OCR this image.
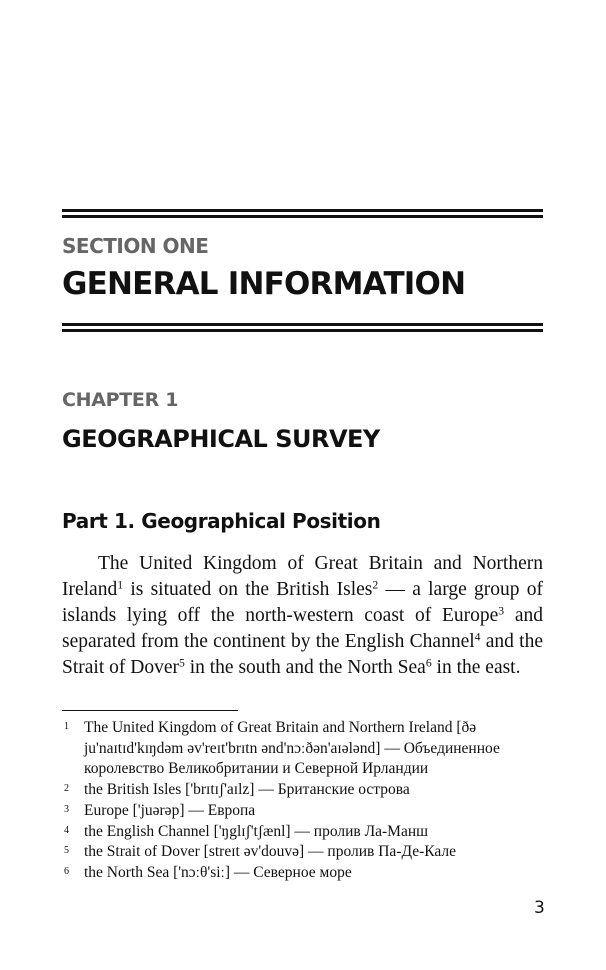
SECTION ONE
GENERAL INFORMATION
CHAPTER 1
GEOGRAPHICAL SURVEY
Part 1. Geographical Position

The United Kingdom of Great Britain and Northern Ireland$^1$ is situated on the British Isles$^2$ — a large group of islands lying off the north-western coast of Europe$^3$ and separated from the continent by the English Channel$^4$ and the Strait of Dover$^5$ in the south and the North Sea$^6$ in the east.

1 The United Kingdom of Great Britain and Northern Ireland [ðə ju'naɪtɪd'kɪŋdəm əv'reɪt'brɪtn ənd'nɔːðən'aɪələnd] — Объединенное королевство Великобритании и Северной Ирландии
2 the British Isles ['brɪtɪʃ'aɪlz] — Британские острова
3 Europe ['juərəp] — Европа
4 the English Channel ['ŋglɪʃ'tʃænl] — пролив Ла-Манш
5 the Strait of Dover [streɪt əv'douvə] — пролив Па-Де-Кале
6 the North Sea ['nɔːθ'siː] — Северное море
3
